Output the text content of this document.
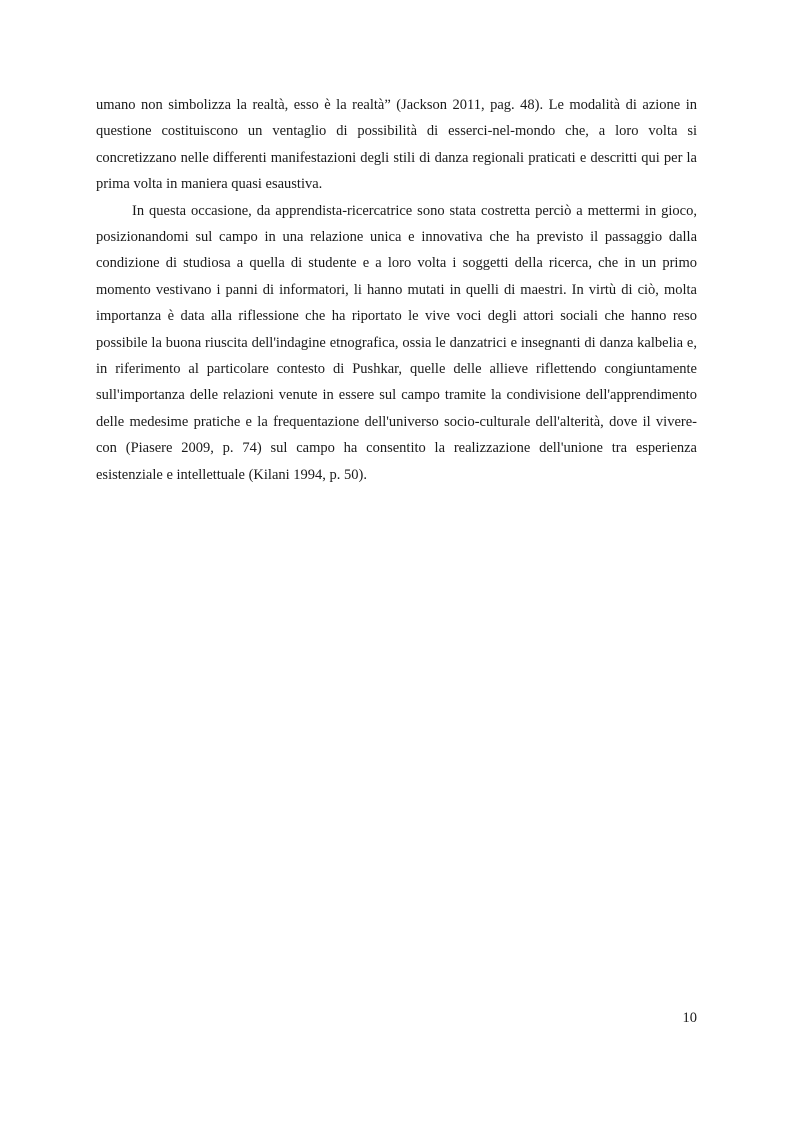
umano non simbolizza la realtà, esso è la realtà” (Jackson 2011, pag. 48). Le modalità di azione in questione costituiscono un ventaglio di possibilità di esserci-nel-mondo che, a loro volta si concretizzano nelle differenti manifestazioni degli stili di danza regionali praticati e descritti qui per la prima volta in maniera quasi esaustiva.

In questa occasione, da apprendista-ricercatrice sono stata costretta perciò a mettermi in gioco, posizionandomi sul campo in una relazione unica e innovativa che ha previsto il passaggio dalla condizione di studiosa a quella di studente e a loro volta i soggetti della ricerca, che in un primo momento vestivano i panni di informatori, li hanno mutati in quelli di maestri. In virtù di ciò, molta importanza è data alla riflessione che ha riportato le vive voci degli attori sociali che hanno reso possibile la buona riuscita dell'indagine etnografica, ossia le danzatrici e insegnanti di danza kalbelia e, in riferimento al particolare contesto di Pushkar, quelle delle allieve riflettendo congiuntamente sull'importanza delle relazioni venute in essere sul campo tramite la condivisione dell'apprendimento delle medesime pratiche e la frequentazione dell'universo socio-culturale dell'alterità, dove il vivere-con (Piasere 2009, p. 74) sul campo ha consentito la realizzazione dell'unione tra esperienza esistenziale e intellettuale (Kilani 1994, p. 50).

10
